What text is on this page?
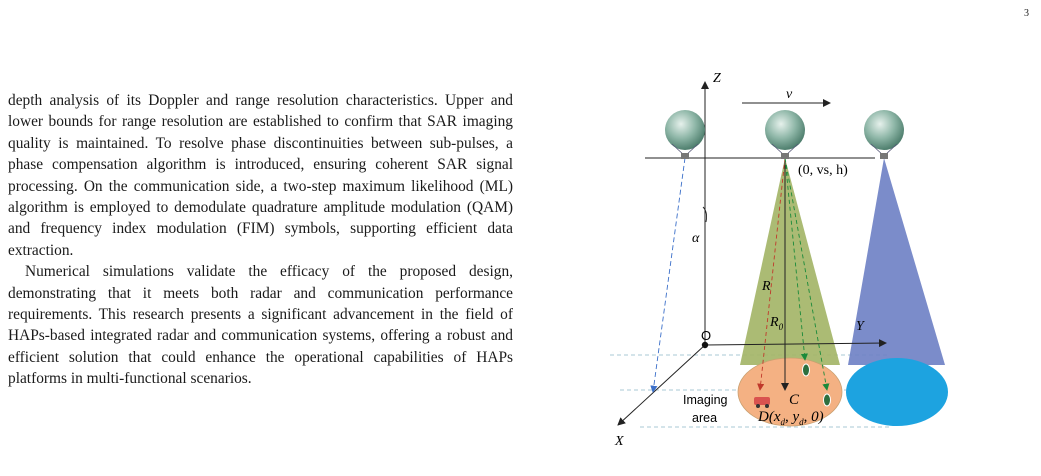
3

depth analysis of its Doppler and range resolution characteristics. Upper and lower bounds for range resolution are established to confirm that SAR imaging quality is maintained. To resolve phase discontinuities between sub-pulses, a phase compensation algorithm is introduced, ensuring coherent SAR signal processing. On the communication side, a two-step maximum likelihood (ML) algorithm is employed to demodulate quadrature amplitude modulation (QAM) and frequency index modulation (FIM) symbols, supporting efficient data extraction.

Numerical simulations validate the efficacy of the proposed design, demonstrating that it meets both radar and communication performance requirements. This research presents a significant advancement in the field of HAPs-based integrated radar and communication systems, offering a robust and efficient solution that could enhance the operational capabilities of HAPs platforms in multi-functional scenarios.

Z
Y
X
O
v
(0, vs, h)
α
R
$R_0$
C
Imaging
area	$D(x_d$, $y_d$, 0)
